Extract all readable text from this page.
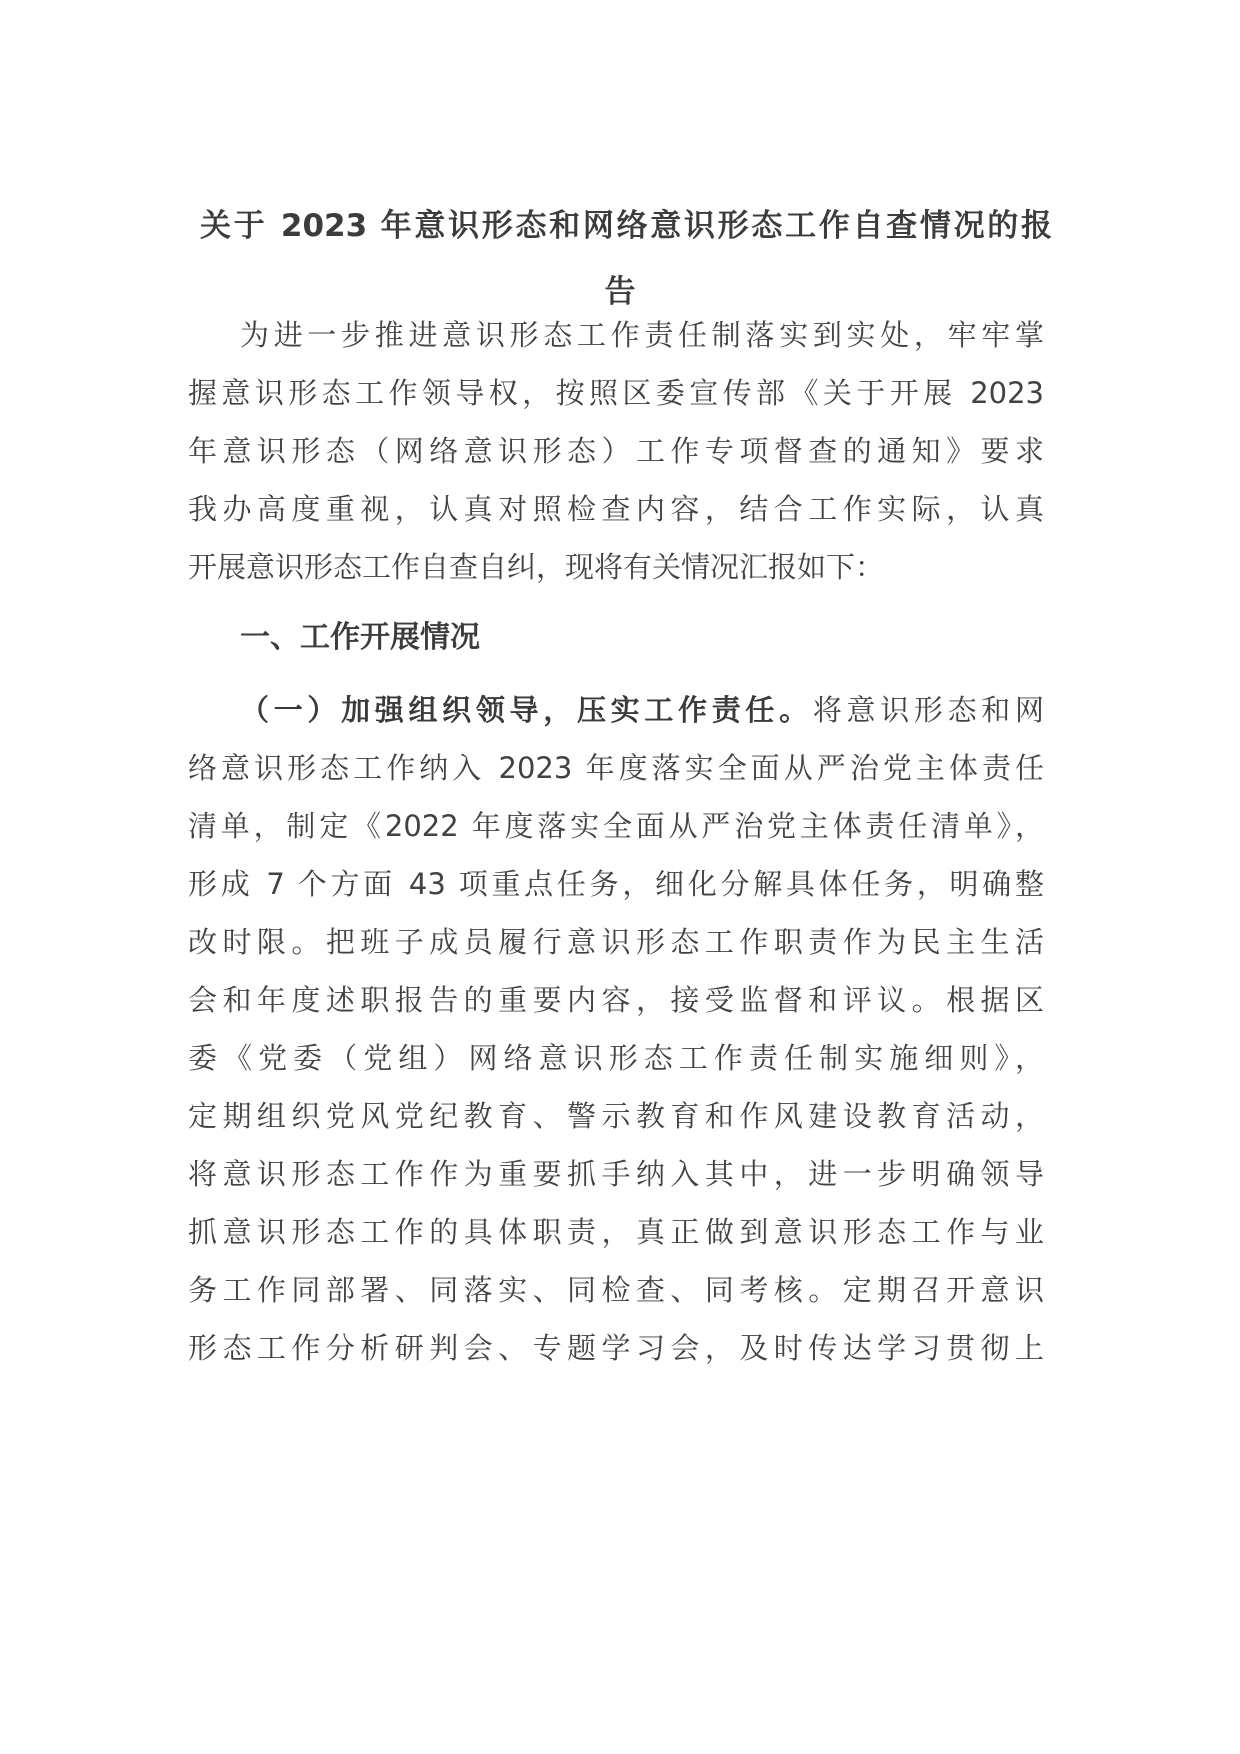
关于 2023 年意识形态和网络意识形态工作自查情况的报
告
为进一步推进意识形态工作责任制落实到实处，牢牢掌
握意识形态工作领导权，按照区委宣传部《关于开展 2023
年意识形态（网络意识形态）工作专项督查的通知》要求
我办高度重视，认真对照检查内容，结合工作实际，认真
开展意识形态工作自查自纠，现将有关情况汇报如下：
一、工作开展情况
（一）加强组织领导，压实工作责任。将意识形态和网
络意识形态工作纳入 2023 年度落实全面从严治党主体责任
清单，制定《2022 年度落实全面从严治党主体责任清单》，
形成 7 个方面 43 项重点任务，细化分解具体任务，明确整
改时限。把班子成员履行意识形态工作职责作为民主生活
会和年度述职报告的重要内容，接受监督和评议。根据区
委《党委（党组）网络意识形态工作责任制实施细则》，
定期组织党风党纪教育、警示教育和作风建设教育活动，
将意识形态工作作为重要抓手纳入其中，进一步明确领导
抓意识形态工作的具体职责，真正做到意识形态工作与业
务工作同部署、同落实、同检查、同考核。定期召开意识
形态工作分析研判会、专题学习会，及时传达学习贯彻上
